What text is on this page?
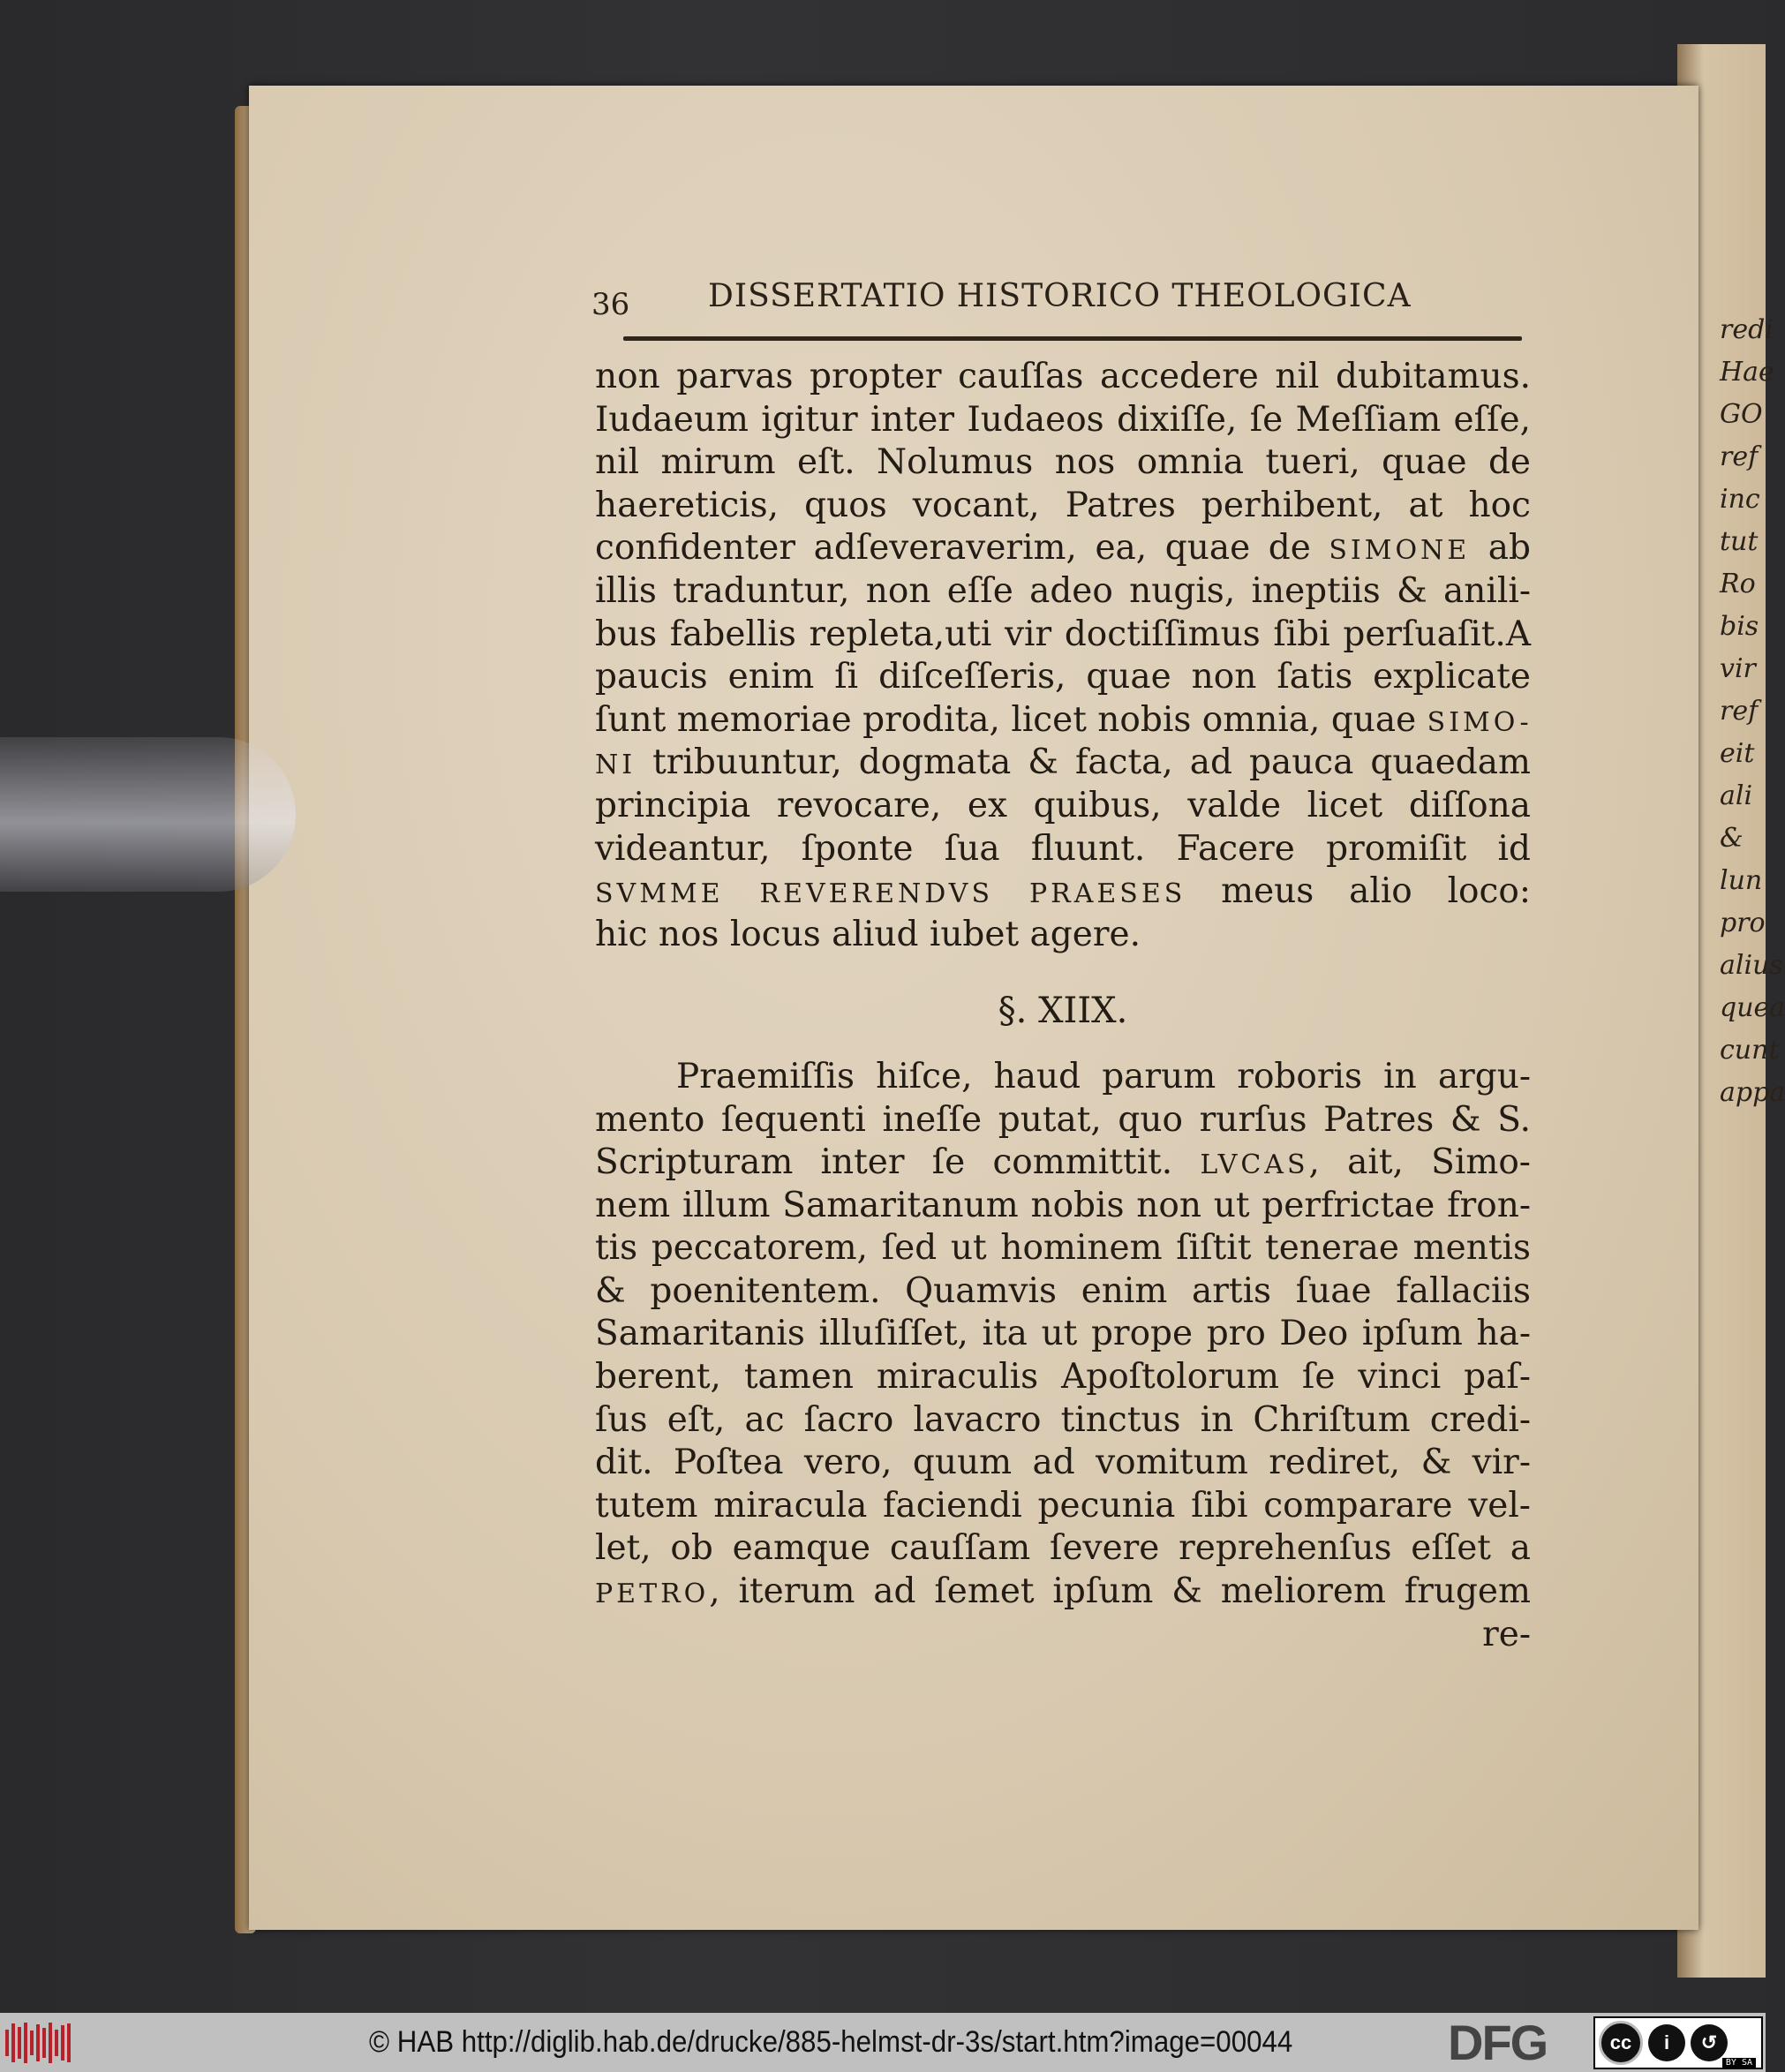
redi
Hae
GO
ref
inc
tut
Ro
bis
vir
ref
eit
ali
&
lun
pro
alius
quea
cunt
appa
36 DISSERTATIO HISTORICO THEOLOGICA
non parvas propter cauſſas accedere nil dubitamus.
Iudaeum igitur inter Iudaeos dixiſſe, ſe Meſſiam eſſe,
nil mirum eſt. Nolumus nos omnia tueri, quae de
haereticis, quos vocant, Patres perhibent, at hoc
confidenter adſeveraverim, ea, quae de SIMONE ab
illis traduntur, non eſſe adeo nugis, ineptiis & anili-
bus fabellis repleta,uti vir doctiſſimus ſibi perſuaſit.A
paucis enim ſi diſceſſeris, quae non ſatis explicate
ſunt memoriae prodita, licet nobis omnia, quae SIMO-
NI tribuuntur, dogmata & facta, ad pauca quaedam
principia revocare, ex quibus, valde licet diſſona
videantur, ſponte ſua fluunt. Facere promiſit id
SVMME REVERENDVS PRAESES meus alio loco:
hic nos locus aliud iubet agere.
§. XIIX.
Praemiſſis hiſce, haud parum roboris in argu-
mento ſequenti ineſſe putat, quo rurſus Patres & S.
Scripturam inter ſe committit. LVCAS, ait, Simo-
nem illum Samaritanum nobis non ut perfrictae fron-
tis peccatorem, ſed ut hominem ſiſtit tenerae mentis
& poenitentem. Quamvis enim artis ſuae fallaciis
Samaritanis illuſiſſet, ita ut prope pro Deo ipſum ha-
berent, tamen miraculis Apoſtolorum ſe vinci paſ-
ſus eſt, ac ſacro lavacro tinctus in Chriſtum credi-
dit. Poſtea vero, quum ad vomitum rediret, & vir-
tutem miracula faciendi pecunia ſibi comparare vel-
let, ob eamque cauſſam ſevere reprehenſus eſſet a
PETRO, iterum ad ſemet ipſum & meliorem frugem
re-
© HAB http://diglib.hab.de/drucke/885-helmst-dr-3s/start.htm?image=00044	DFG	cc	i	↺
BY SA
